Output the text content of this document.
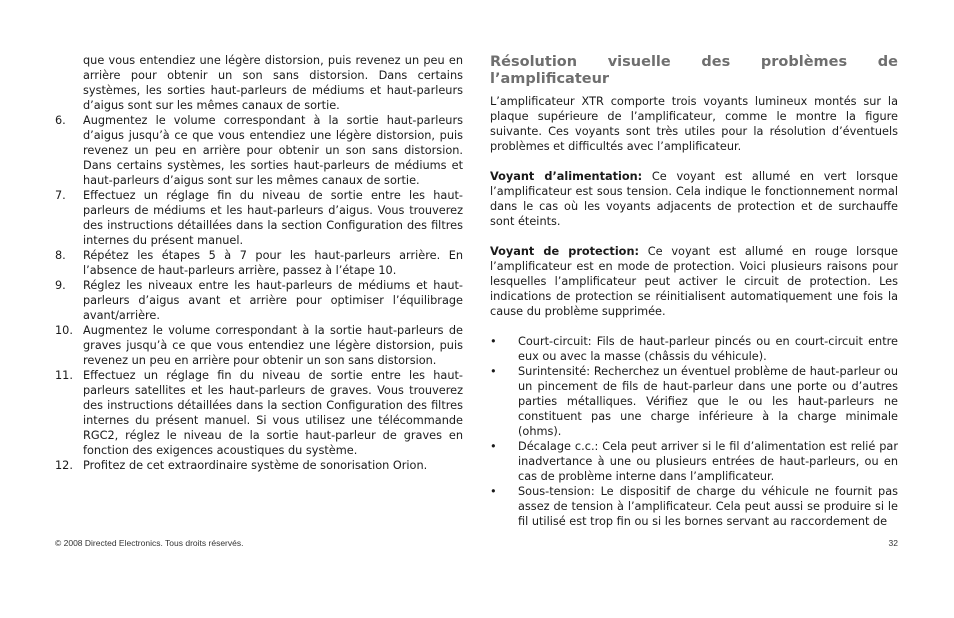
que vous entendiez une légère distorsion, puis revenez un peu en arrière pour obtenir un son sans distorsion. Dans certains systèmes, les sorties haut-parleurs de médiums et haut-parleurs d’aigus sont sur les mêmes canaux de sortie.

6.	Augmentez le volume correspondant à la sortie haut-parleurs d’aigus jusqu’à ce que vous entendiez une légère distorsion, puis revenez un peu en arrière pour obtenir un son sans distorsion. Dans certains systèmes, les sorties haut-parleurs de médiums et haut-parleurs d’aigus sont sur les mêmes canaux de sortie.
7.	Effectuez un réglage fin du niveau de sortie entre les haut-parleurs de médiums et les haut-parleurs d’aigus. Vous trouverez des instructions détaillées dans la section Configuration des filtres internes du présent manuel.
8.	Répétez les étapes 5 à 7 pour les haut-parleurs arrière. En l’absence de haut-parleurs arrière, passez à l’étape 10.
9.	Réglez les niveaux entre les haut-parleurs de médiums et haut-parleurs d’aigus avant et arrière pour optimiser l’équilibrage avant/arrière.
10. Augmentez le volume correspondant à la sortie haut-parleurs de graves jusqu’à ce que vous entendiez une légère distorsion, puis revenez un peu en arrière pour obtenir un son sans distorsion.
11. Effectuez un réglage fin du niveau de sortie entre les haut-parleurs satellites et les haut-parleurs de graves. Vous trouverez des instructions détaillées dans la section Configuration des filtres internes du présent manuel. Si vous utilisez une télécommande RGC2, réglez le niveau de la sortie haut-parleur de graves en fonction des exigences acoustiques du système.
12. Profitez de cet extraordinaire système de sonorisation Orion.
Résolution visuelle des problèmes de l’amplificateur

L’amplificateur XTR comporte trois voyants lumineux montés sur la plaque supérieure de l’amplificateur, comme le montre la figure suivante. Ces voyants sont très utiles pour la résolution d’éventuels problèmes et difficultés avec l’amplificateur.

Voyant d’alimentation: Ce voyant est allumé en vert lorsque l’amplificateur est sous tension. Cela indique le fonctionnement normal dans le cas où les voyants adjacents de protection et de surchauffe sont éteints.

Voyant de protection: Ce voyant est allumé en rouge lorsque l’amplificateur est en mode de protection. Voici plusieurs raisons pour lesquelles l’amplificateur peut activer le circuit de protection. Les indications de protection se réinitialisent automatiquement une fois la cause du problème supprimée.

•	Court-circuit: Fils de haut-parleur pincés ou en court-circuit entre eux ou avec la masse (châssis du véhicule).
•	Surintensité: Recherchez un éventuel problème de haut-parleur ou un pincement de fils de haut-parleur dans une porte ou d’autres parties métalliques. Vérifiez que le ou les haut-parleurs ne constituent pas une charge inférieure à la charge minimale (ohms).
•	Décalage c.c.: Cela peut arriver si le fil d’alimentation est relié par inadvertance à une ou plusieurs entrées de haut-parleurs, ou en cas de problème interne dans l’amplificateur.
•	Sous-tension: Le dispositif de charge du véhicule ne fournit pas assez de tension à l’amplificateur. Cela peut aussi se produire si le fil utilisé est trop fin ou si les bornes servant au raccordement de
© 2008 Directed Electronics. Tous droits réservés.	32
